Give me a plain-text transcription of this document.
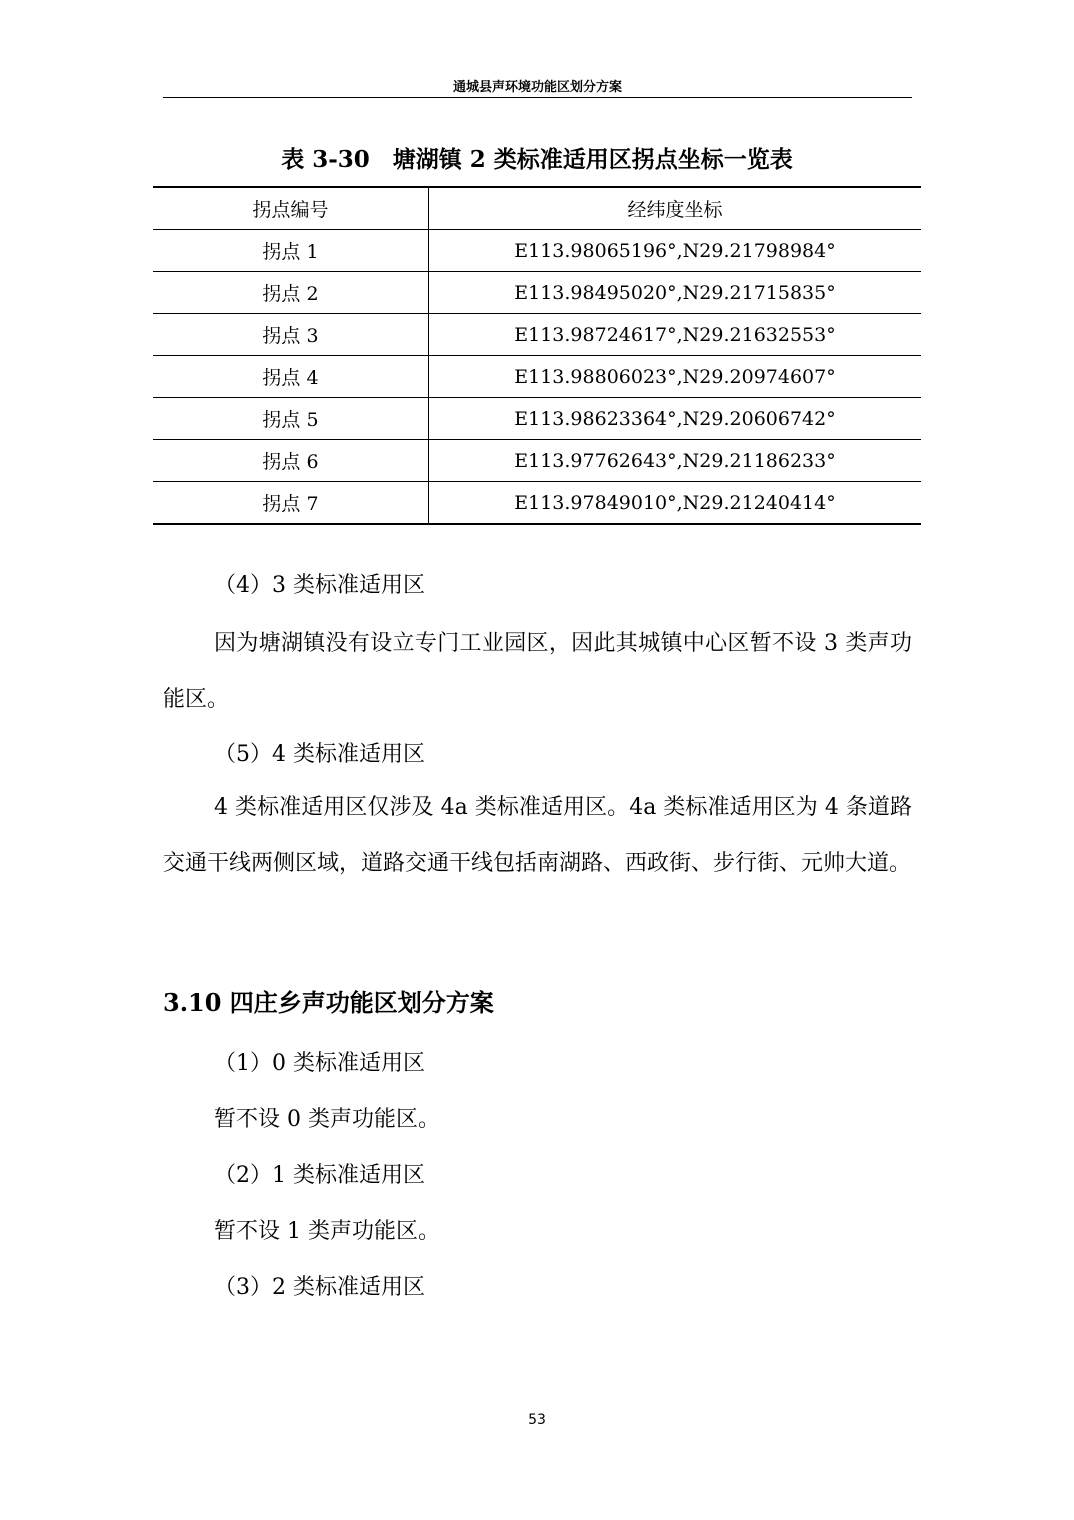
通城县声环境功能区划分方案
表 3-30　塘湖镇 2 类标准适用区拐点坐标一览表
拐点编号	经纬度坐标
拐点 1	E113.98065196°,N29.21798984°
拐点 2	E113.98495020°,N29.21715835°
拐点 3	E113.98724617°,N29.21632553°
拐点 4	E113.98806023°,N29.20974607°
拐点 5	E113.98623364°,N29.20606742°
拐点 6	E113.97762643°,N29.21186233°
拐点 7	E113.97849010°,N29.21240414°
（4）3 类标准适用区
因为塘湖镇没有设立专门工业园区，因此其城镇中心区暂不设 3 类声功能区。
（5）4 类标准适用区
4 类标准适用区仅涉及 4a 类标准适用区。4a 类标准适用区为 4 条道路交通干线两侧区域，道路交通干线包括南湖路、西政街、步行街、元帅大道。
3.10 四庄乡声功能区划分方案
（1）0 类标准适用区
暂不设 0 类声功能区。
（2）1 类标准适用区
暂不设 1 类声功能区。
（3）2 类标准适用区
53
